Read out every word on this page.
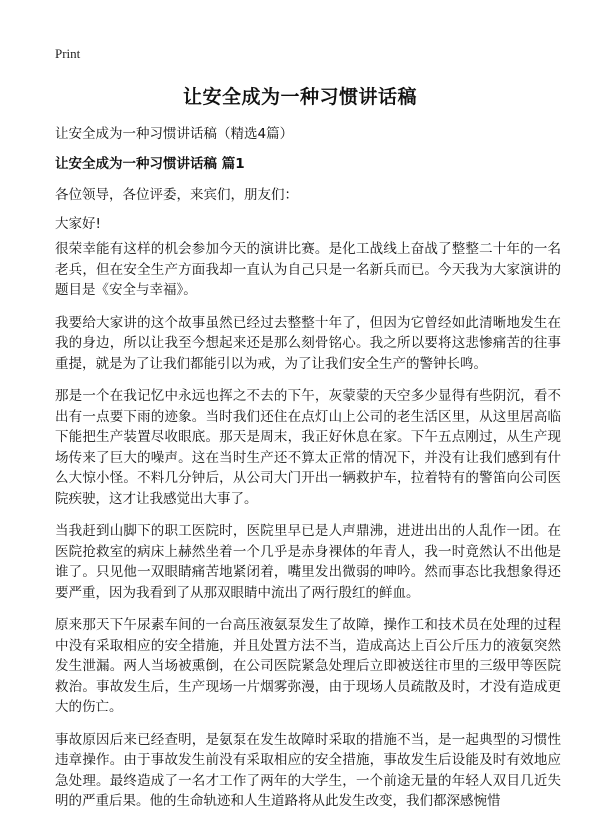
Print
让安全成为一种习惯讲话稿
让安全成为一种习惯讲话稿（精选4篇）
让安全成为一种习惯讲话稿 篇1
各位领导，各位评委，来宾们，朋友们：
大家好!

很荣幸能有这样的机会参加今天的演讲比赛。是化工战线上奋战了整整二十年的一名老兵，但在安全生产方面我却一直认为自己只是一名新兵而已。今天我为大家演讲的题目是《安全与幸福》。

我要给大家讲的这个故事虽然已经过去整整十年了，但因为它曾经如此清晰地发生在我的身边，所以让我至今想起来还是那么刻骨铭心。我之所以要将这悲惨痛苦的往事重提，就是为了让我们都能引以为戒，为了让我们安全生产的警钟长鸣。

那是一个在我记忆中永远也挥之不去的下午，灰蒙蒙的天空多少显得有些阴沉，看不出有一点要下雨的迹象。当时我们还住在点灯山上公司的老生活区里，从这里居高临下能把生产装置尽收眼底。那天是周末，我正好休息在家。下午五点刚过，从生产现场传来了巨大的噪声。这在当时生产还不算太正常的情况下，并没有让我们感到有什么大惊小怪。不料几分钟后，从公司大门开出一辆救护车，拉着特有的警笛向公司医院疾驶，这才让我感觉出大事了。

当我赶到山脚下的职工医院时，医院里早已是人声鼎沸，进进出出的人乱作一团。在医院抢救室的病床上赫然坐着一个几乎是赤身裸体的年青人，我一时竟然认不出他是谁了。只见他一双眼睛痛苦地紧闭着，嘴里发出微弱的呻吟。然而事态比我想象得还要严重，因为我看到了从那双眼睛中流出了两行殷红的鲜血。

原来那天下午尿素车间的一台高压液氨泵发生了故障，操作工和技术员在处理的过程中没有采取相应的安全措施，并且处置方法不当，造成高达上百公斤压力的液氨突然发生泄漏。两人当场被熏倒，在公司医院紧急处理后立即被送往市里的三级甲等医院救治。事故发生后，生产现场一片烟雾弥漫，由于现场人员疏散及时，才没有造成更大的伤亡。

事故原因后来已经查明，是氨泵在发生故障时采取的措施不当，是一起典型的习惯性违章操作。由于事故发生前没有采取相应的安全措施，事故发生后设能及时有效地应急处理。最终造成了一名才工作了两年的大学生，一个前途无量的年轻人双目几近失明的严重后果。他的生命轨迹和人生道路将从此发生改变，我们都深感惋惜
